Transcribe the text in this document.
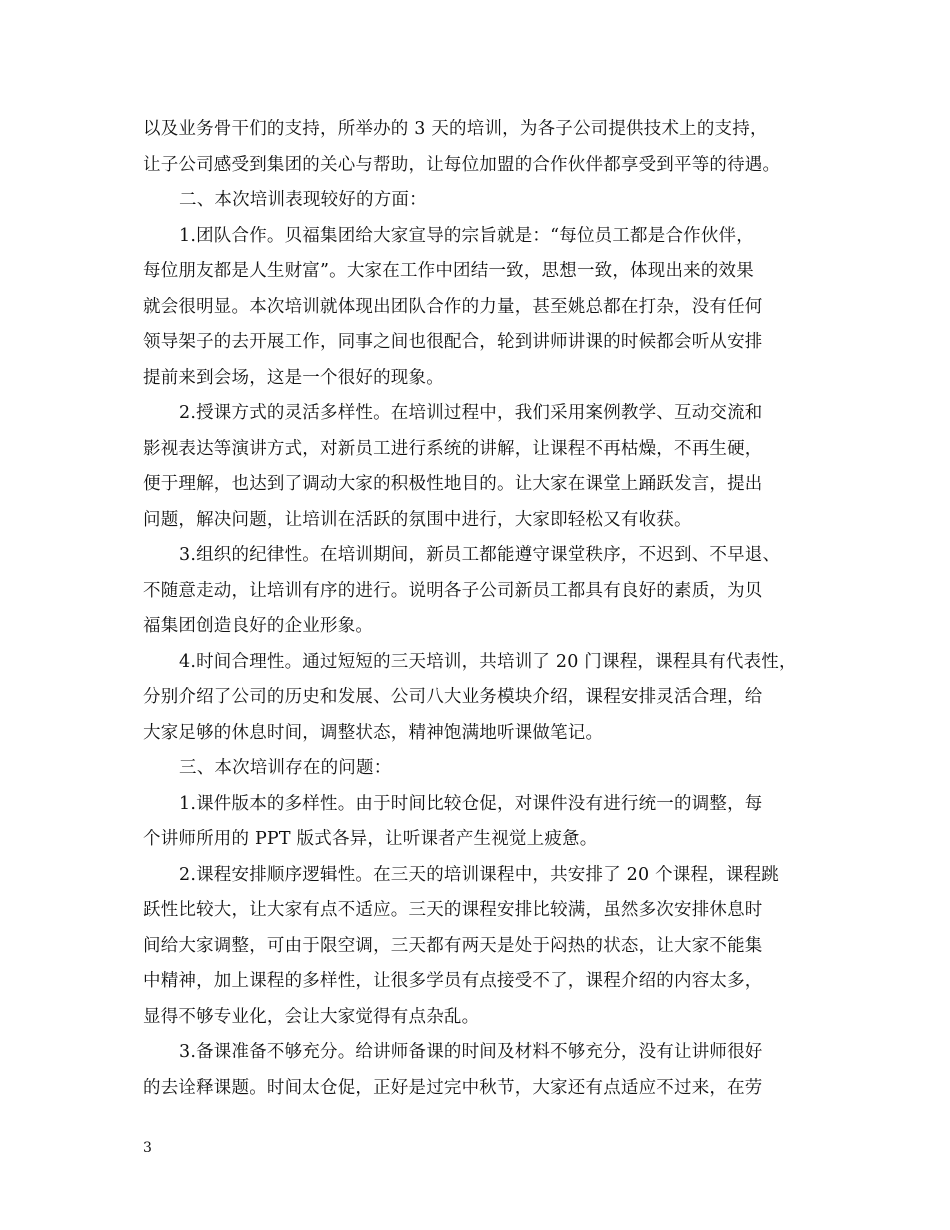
以及业务骨干们的支持，所举办的 3 天的培训，为各子公司提供技术上的支持，
让子公司感受到集团的关心与帮助，让每位加盟的合作伙伴都享受到平等的待遇。
二、本次培训表现较好的方面：
1.团队合作。贝福集团给大家宣导的宗旨就是：“每位员工都是合作伙伴，
每位朋友都是人生财富”。大家在工作中团结一致，思想一致，体现出来的效果
就会很明显。本次培训就体现出团队合作的力量，甚至姚总都在打杂，没有任何
领导架子的去开展工作，同事之间也很配合，轮到讲师讲课的时候都会听从安排
提前来到会场，这是一个很好的现象。
2.授课方式的灵活多样性。在培训过程中，我们采用案例教学、互动交流和
影视表达等演讲方式，对新员工进行系统的讲解，让课程不再枯燥，不再生硬，
便于理解，也达到了调动大家的积极性地目的。让大家在课堂上踊跃发言，提出
问题，解决问题，让培训在活跃的氛围中进行，大家即轻松又有收获。
3.组织的纪律性。在培训期间，新员工都能遵守课堂秩序，不迟到、不早退、
不随意走动，让培训有序的进行。说明各子公司新员工都具有良好的素质，为贝
福集团创造良好的企业形象。
4.时间合理性。通过短短的三天培训，共培训了 20 门课程，课程具有代表性，
分别介绍了公司的历史和发展、公司八大业务模块介绍，课程安排灵活合理，给
大家足够的休息时间，调整状态，精神饱满地听课做笔记。
三、本次培训存在的问题：
1.课件版本的多样性。由于时间比较仓促，对课件没有进行统一的调整，每
个讲师所用的 PPT 版式各异，让听课者产生视觉上疲惫。
2.课程安排顺序逻辑性。在三天的培训课程中，共安排了 20 个课程，课程跳
跃性比较大，让大家有点不适应。三天的课程安排比较满，虽然多次安排休息时
间给大家调整，可由于限空调，三天都有两天是处于闷热的状态，让大家不能集
中精神，加上课程的多样性，让很多学员有点接受不了，课程介绍的内容太多，
显得不够专业化，会让大家觉得有点杂乱。
3.备课准备不够充分。给讲师备课的时间及材料不够充分，没有让讲师很好
的去诠释课题。时间太仓促，正好是过完中秋节，大家还有点适应不过来，在劳
3
